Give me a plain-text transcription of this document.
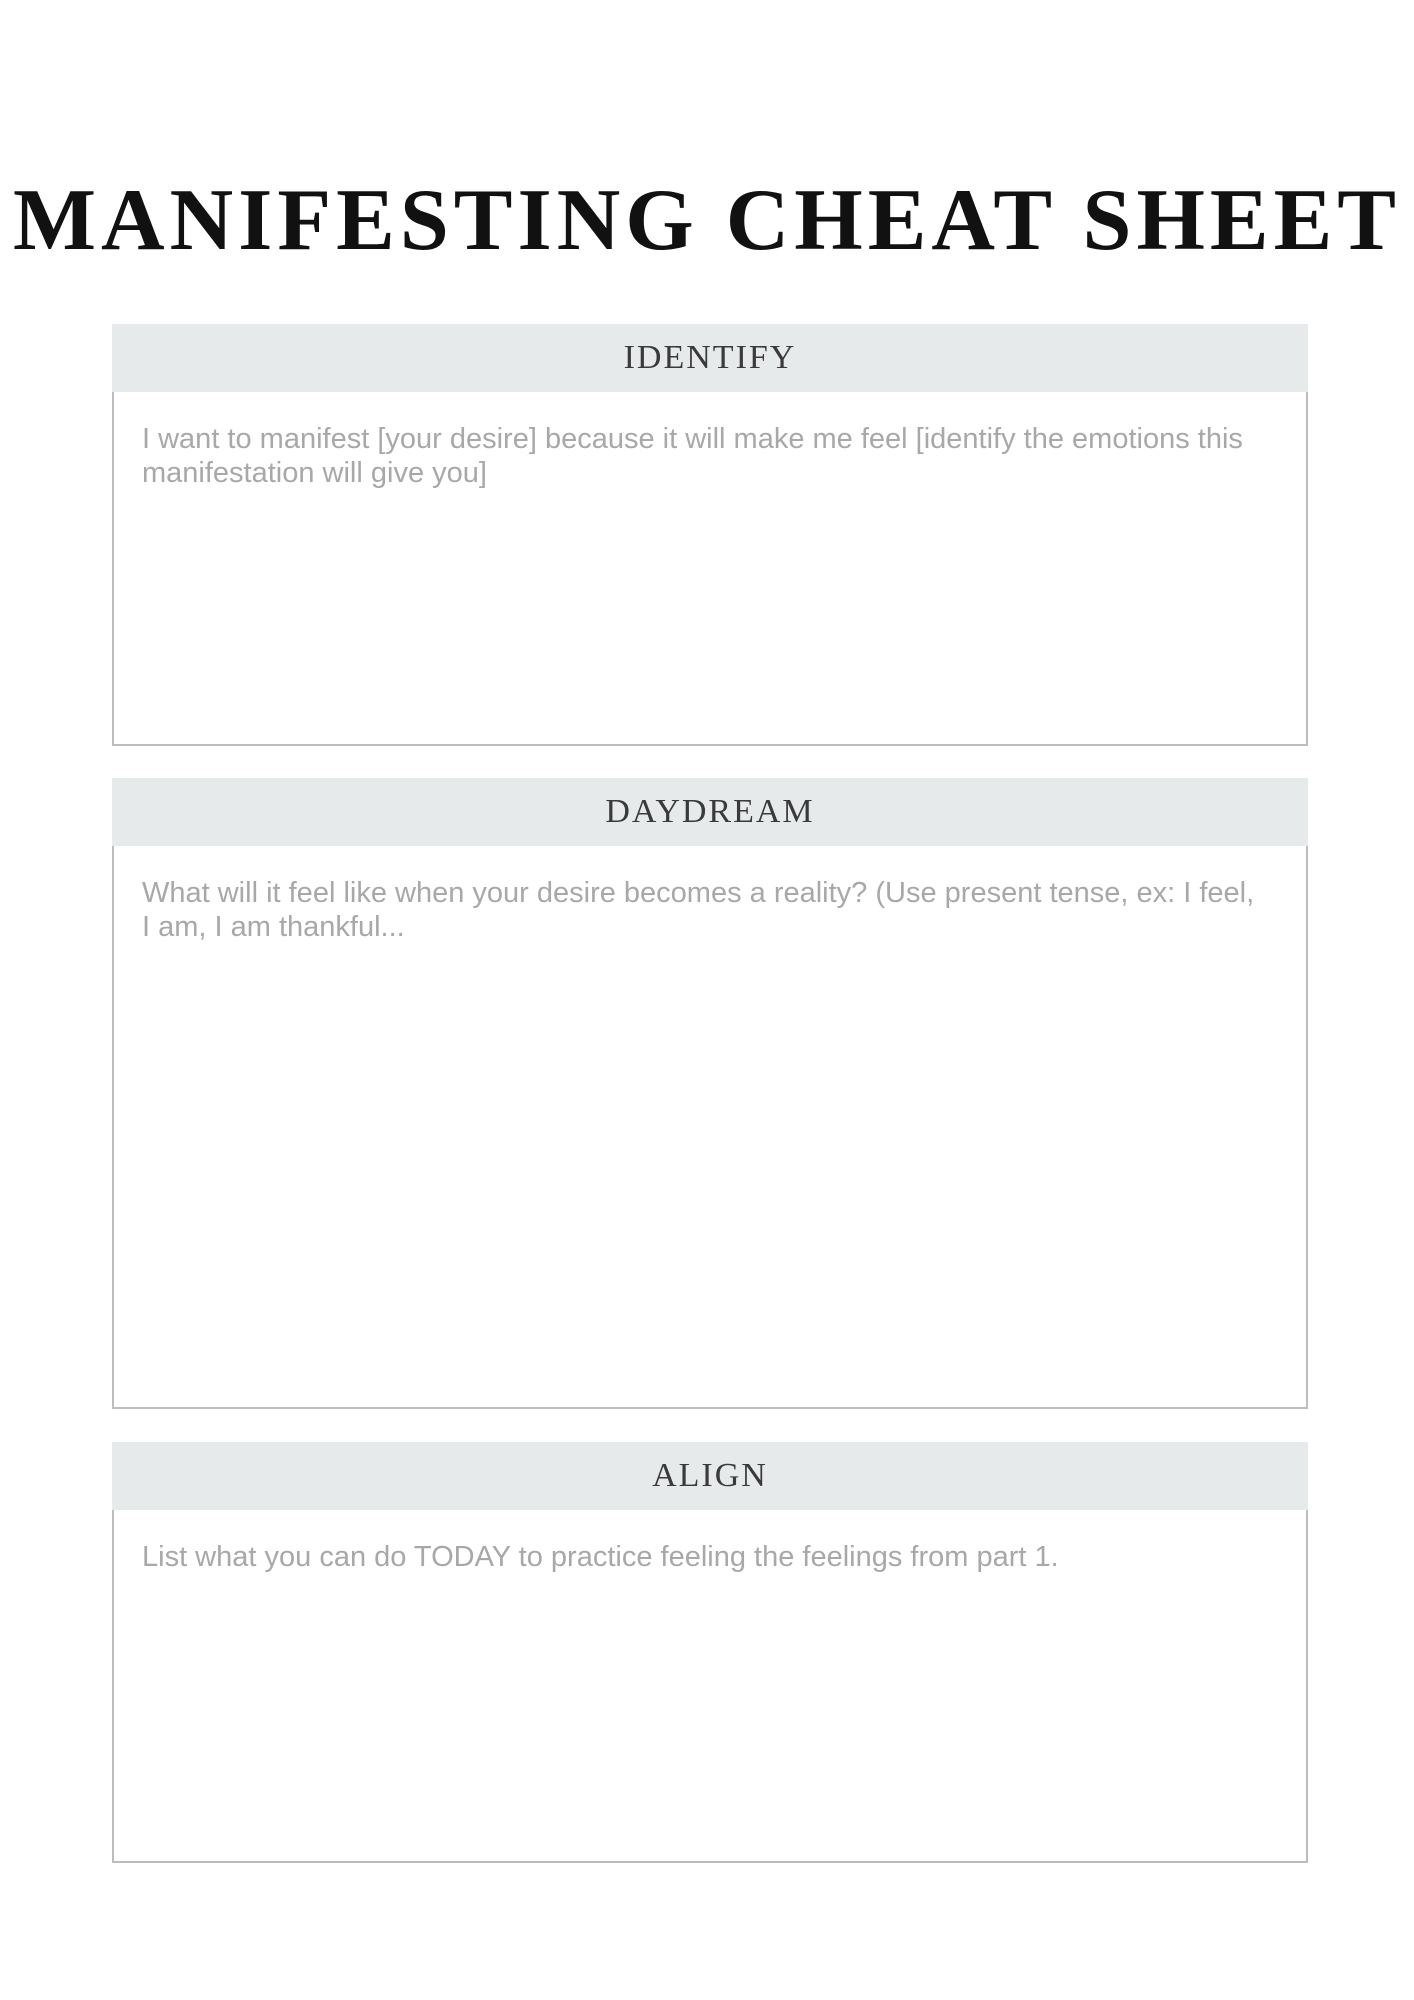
MANIFESTING CHEAT SHEET
IDENTIFY

I want to manifest [your desire] because it will make me feel [identify the emotions this manifestation will give you]

DAYDREAM

What will it feel like when your desire becomes a reality? (Use present tense, ex: I feel, I am, I am thankful...

ALIGN

List what you can do TODAY to practice feeling the feelings from part 1.
